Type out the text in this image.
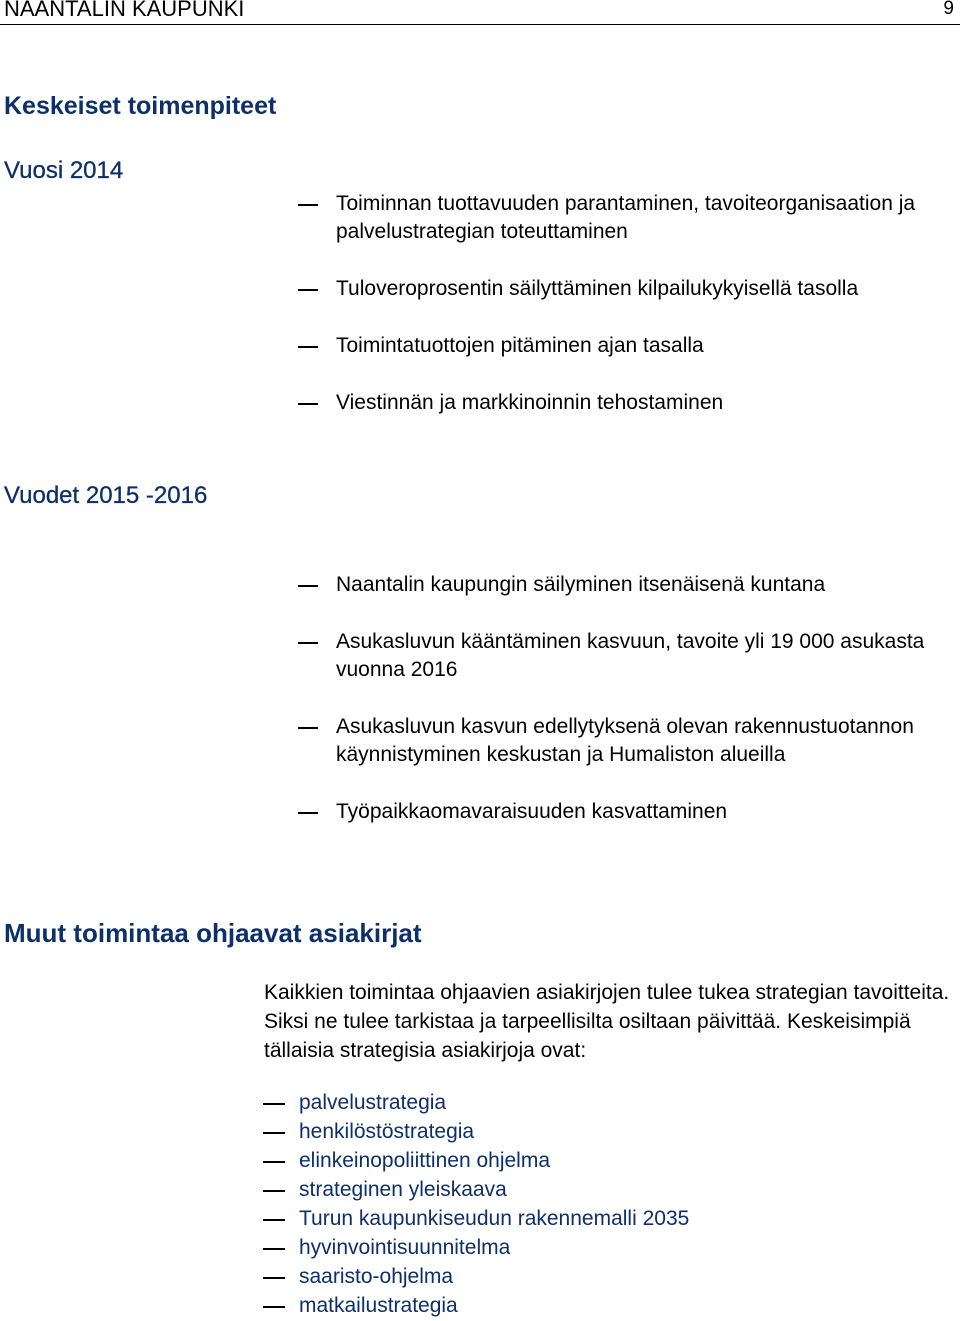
NAANTALIN KAUPUNKI	9
Keskeiset toimenpiteet
Vuosi 2014
Toiminnan tuottavuuden parantaminen, tavoiteorganisaation ja palvelustrategian toteuttaminen
Tuloveroprosentin säilyttäminen kilpailukykyisellä tasolla
Toimintatuottojen pitäminen ajan tasalla
Viestinnän ja markkinoinnin tehostaminen
Vuodet 2015 -2016
Naantalin kaupungin säilyminen itsenäisenä kuntana
Asukasluvun kääntäminen kasvuun, tavoite yli 19 000 asukasta vuonna 2016
Asukasluvun kasvun edellytyksenä olevan rakennustuotannon käynnistyminen keskustan ja Humaliston alueilla
Työpaikkaomavaraisuuden kasvattaminen
Muut toimintaa ohjaavat asiakirjat

Kaikkien toimintaa ohjaavien asiakirjojen tulee tukea strategian tavoitteita. Siksi ne tulee tarkistaa ja tarpeellisilta osiltaan päivittää. Keskeisimpiä tällaisia strategisia asiakirjoja ovat:

palvelustrategia
henkilöstöstrategia
elinkeinopoliittinen ohjelma
strateginen yleiskaava
Turun kaupunkiseudun rakennemalli 2035
hyvinvointisuunnitelma
saaristo-ohjelma
matkailustrategia
